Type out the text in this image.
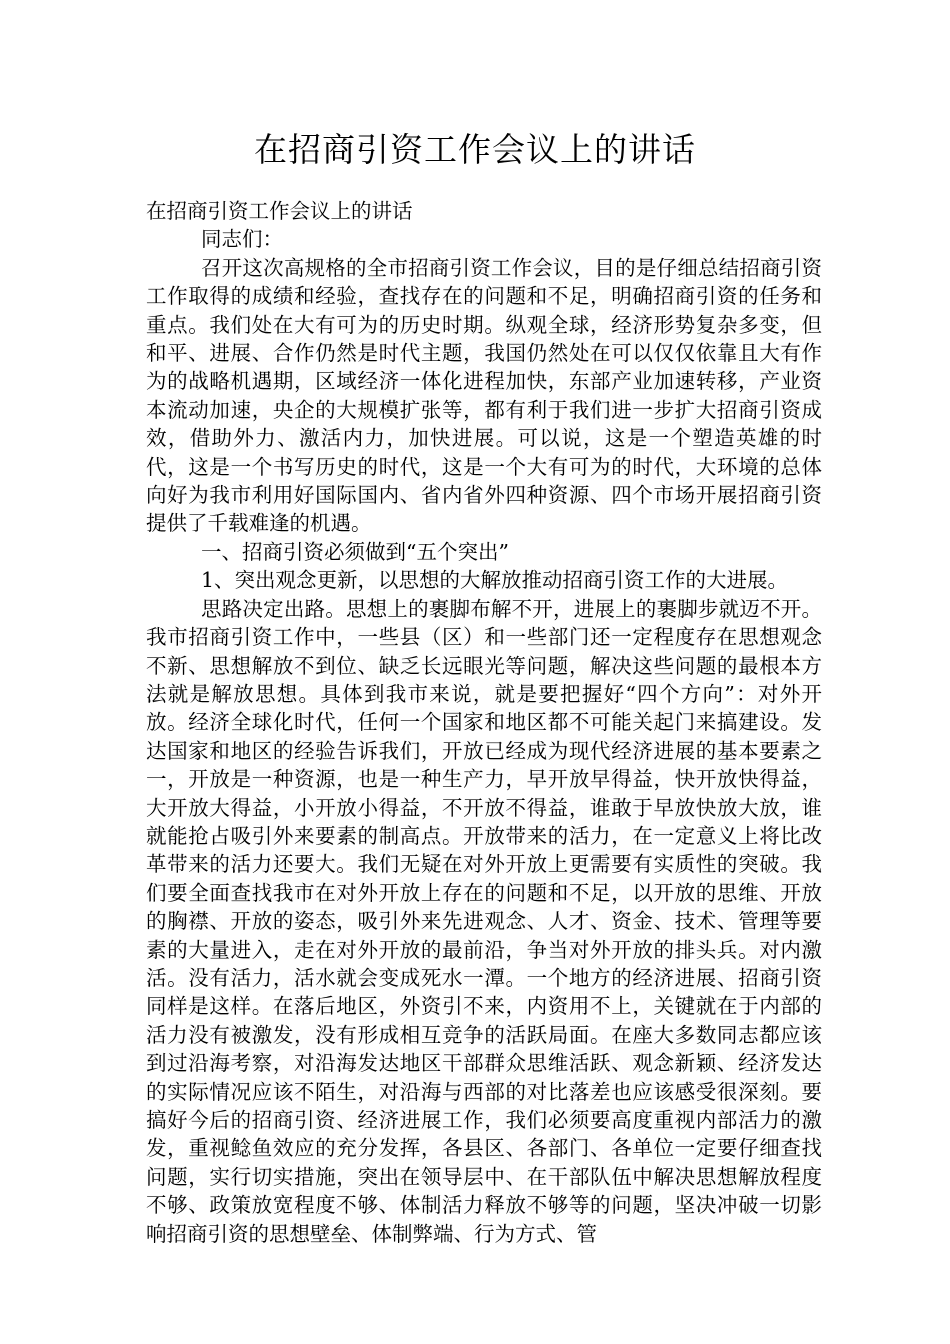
在招商引资工作会议上的讲话

在招商引资工作会议上的讲话

同志们：

召开这次高规格的全市招商引资工作会议，目的是仔细总结招商引资工作取得的成绩和经验，查找存在的问题和不足，明确招商引资的任务和重点。我们处在大有可为的历史时期。纵观全球，经济形势复杂多变，但和平、进展、合作仍然是时代主题，我国仍然处在可以仅仅依靠且大有作为的战略机遇期，区域经济一体化进程加快，东部产业加速转移，产业资本流动加速，央企的大规模扩张等，都有利于我们进一步扩大招商引资成效，借助外力、激活内力，加快进展。可以说，这是一个塑造英雄的时代，这是一个书写历史的时代，这是一个大有可为的时代，大环境的总体向好为我市利用好国际国内、省内省外四种资源、四个市场开展招商引资提供了千载难逢的机遇。

一、招商引资必须做到“五个突出”

1、突出观念更新，以思想的大解放推动招商引资工作的大进展。

思路决定出路。思想上的裹脚布解不开，进展上的裹脚步就迈不开。我市招商引资工作中，一些县（区）和一些部门还一定程度存在思想观念不新、思想解放不到位、缺乏长远眼光等问题，解决这些问题的最根本方法就是解放思想。具体到我市来说，就是要把握好“四个方向”：对外开放。经济全球化时代，任何一个国家和地区都不可能关起门来搞建设。发达国家和地区的经验告诉我们，开放已经成为现代经济进展的基本要素之一，开放是一种资源，也是一种生产力，早开放早得益，快开放快得益，大开放大得益，小开放小得益，不开放不得益，谁敢于早放快放大放，谁就能抢占吸引外来要素的制高点。开放带来的活力，在一定意义上将比改革带来的活力还要大。我们无疑在对外开放上更需要有实质性的突破。我们要全面查找我市在对外开放上存在的问题和不足，以开放的思维、开放的胸襟、开放的姿态，吸引外来先进观念、人才、资金、技术、管理等要素的大量进入，走在对外开放的最前沿，争当对外开放的排头兵。对内激活。没有活力，活水就会变成死水一潭。一个地方的经济进展、招商引资同样是这样。在落后地区，外资引不来，内资用不上，关键就在于内部的活力没有被激发，没有形成相互竞争的活跃局面。在座大多数同志都应该到过沿海考察，对沿海发达地区干部群众思维活跃、观念新颖、经济发达的实际情况应该不陌生，对沿海与西部的对比落差也应该感受很深刻。要搞好今后的招商引资、经济进展工作，我们必须要高度重视内部活力的激发，重视鲶鱼效应的充分发挥，各县区、各部门、各单位一定要仔细查找问题，实行切实措施，突出在领导层中、在干部队伍中解决思想解放程度不够、政策放宽程度不够、体制活力释放不够等的问题，坚决冲破一切影响招商引资的思想壁垒、体制弊端、行为方式、管
